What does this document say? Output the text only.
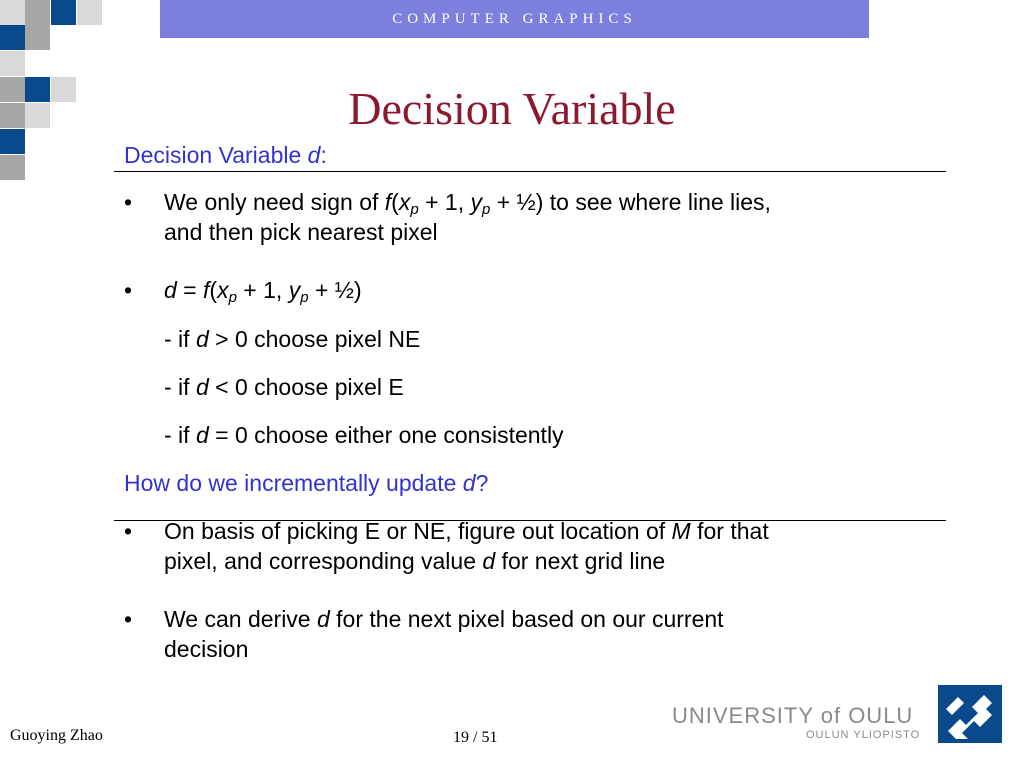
COMPUTER GRAPHICS
Decision Variable
Decision Variable d:
• We only need sign of $f(x_p + 1$, $y_p$ + ½) to see where line lies,
and then pick nearest pixel
• $d = f(x_p + 1$, $y_p$ + ½)
- if d > 0 choose pixel NE
- if d < 0 choose pixel E
- if d = 0 choose either one consistently
How do we incrementally update d?
• On basis of picking E or NE, figure out location of M for that
pixel, and corresponding value d for next grid line
• We can derive d for the next pixel based on our current
decision
Guoying Zhao	19 / 51
UNIVERSITY of OULU
OULUN YLIOPISTO
